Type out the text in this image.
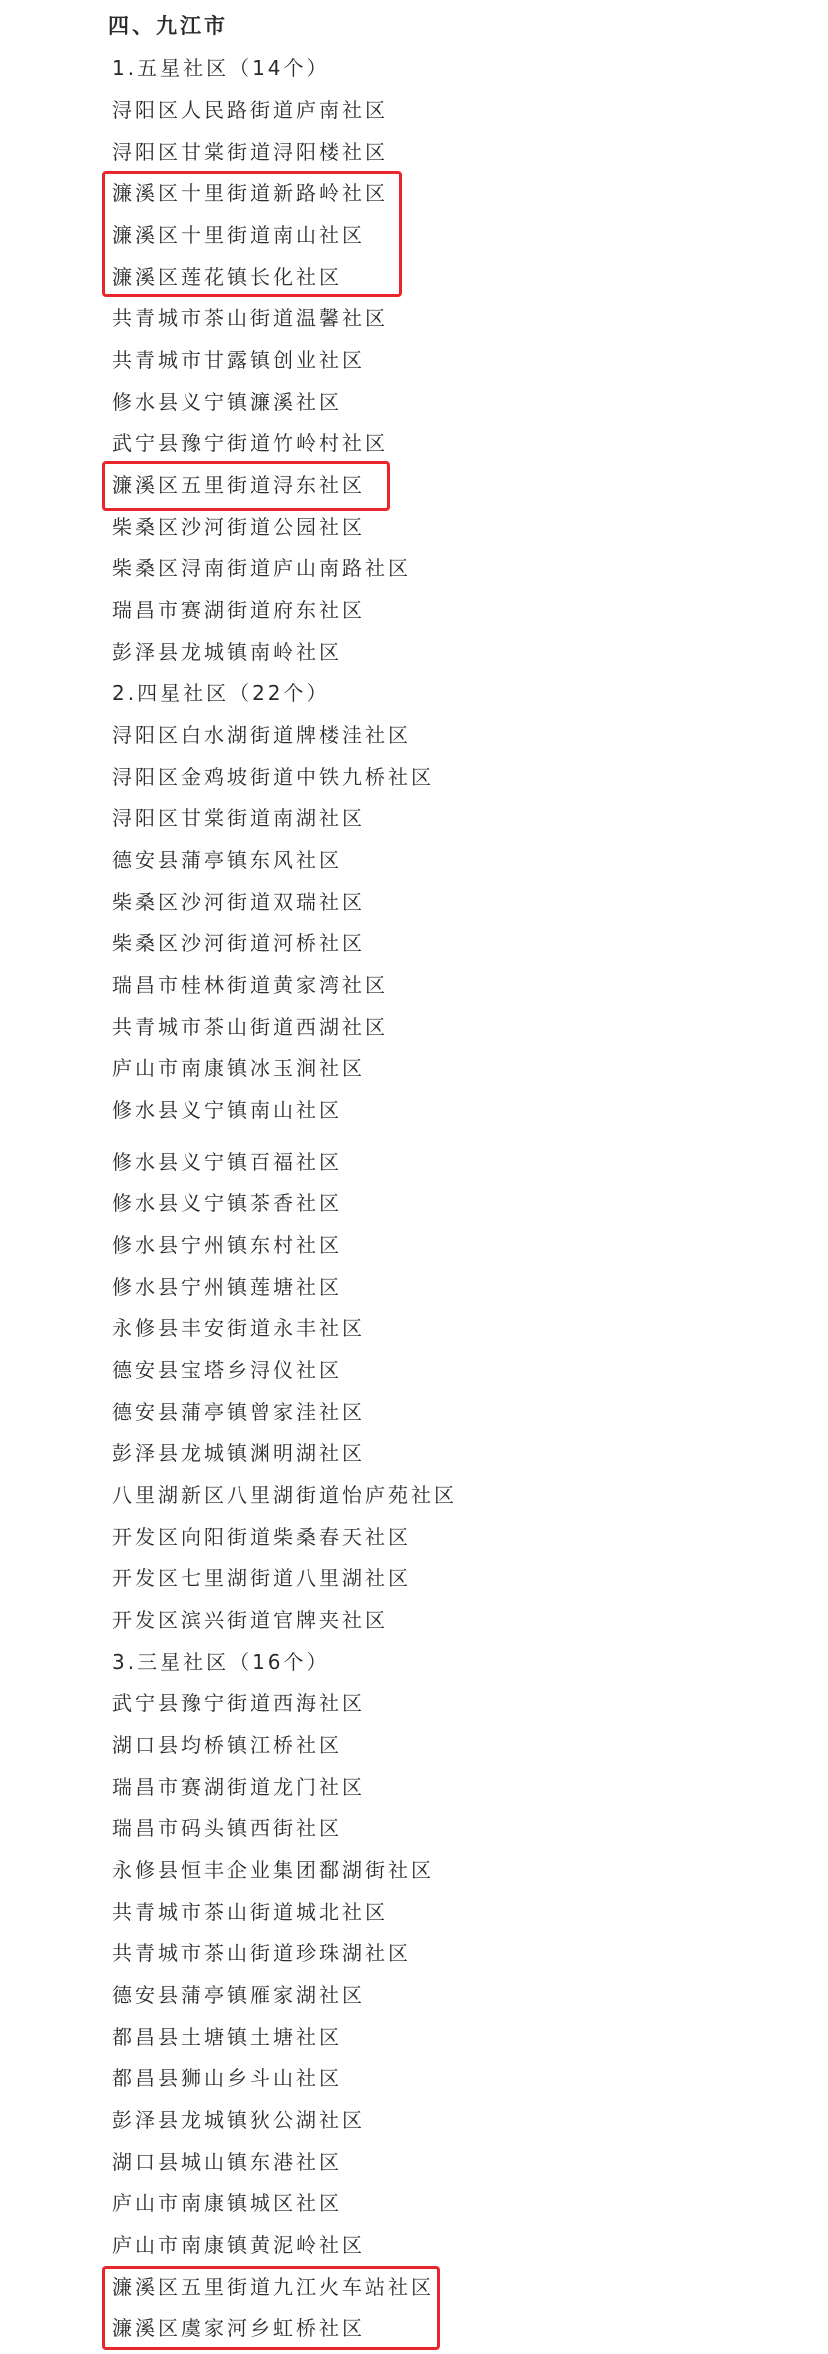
四、九江市
1.五星社区（14个）
浔阳区人民路街道庐南社区
浔阳区甘棠街道浔阳楼社区
濂溪区十里街道新路岭社区
濂溪区十里街道南山社区
濂溪区莲花镇长化社区
共青城市茶山街道温馨社区
共青城市甘露镇创业社区
修水县义宁镇濂溪社区
武宁县豫宁街道竹岭村社区
濂溪区五里街道浔东社区
柴桑区沙河街道公园社区
柴桑区浔南街道庐山南路社区
瑞昌市赛湖街道府东社区
彭泽县龙城镇南岭社区
2.四星社区（22个）
浔阳区白水湖街道牌楼洼社区
浔阳区金鸡坡街道中铁九桥社区
浔阳区甘棠街道南湖社区
德安县蒲亭镇东风社区
柴桑区沙河街道双瑞社区
柴桑区沙河街道河桥社区
瑞昌市桂林街道黄家湾社区
共青城市茶山街道西湖社区
庐山市南康镇冰玉涧社区
修水县义宁镇南山社区
修水县义宁镇百福社区
修水县义宁镇茶香社区
修水县宁州镇东村社区
修水县宁州镇莲塘社区
永修县丰安街道永丰社区
德安县宝塔乡浔仪社区
德安县蒲亭镇曾家洼社区
彭泽县龙城镇渊明湖社区
八里湖新区八里湖街道怡庐苑社区
开发区向阳街道柴桑春天社区
开发区七里湖街道八里湖社区
开发区滨兴街道官牌夹社区
3.三星社区（16个）
武宁县豫宁街道西海社区
湖口县均桥镇江桥社区
瑞昌市赛湖街道龙门社区
瑞昌市码头镇西街社区
永修县恒丰企业集团鄱湖街社区
共青城市茶山街道城北社区
共青城市茶山街道珍珠湖社区
德安县蒲亭镇雁家湖社区
都昌县土塘镇土塘社区
都昌县狮山乡斗山社区
彭泽县龙城镇狄公湖社区
湖口县城山镇东港社区
庐山市南康镇城区社区
庐山市南康镇黄泥岭社区
濂溪区五里街道九江火车站社区
濂溪区虞家河乡虹桥社区
